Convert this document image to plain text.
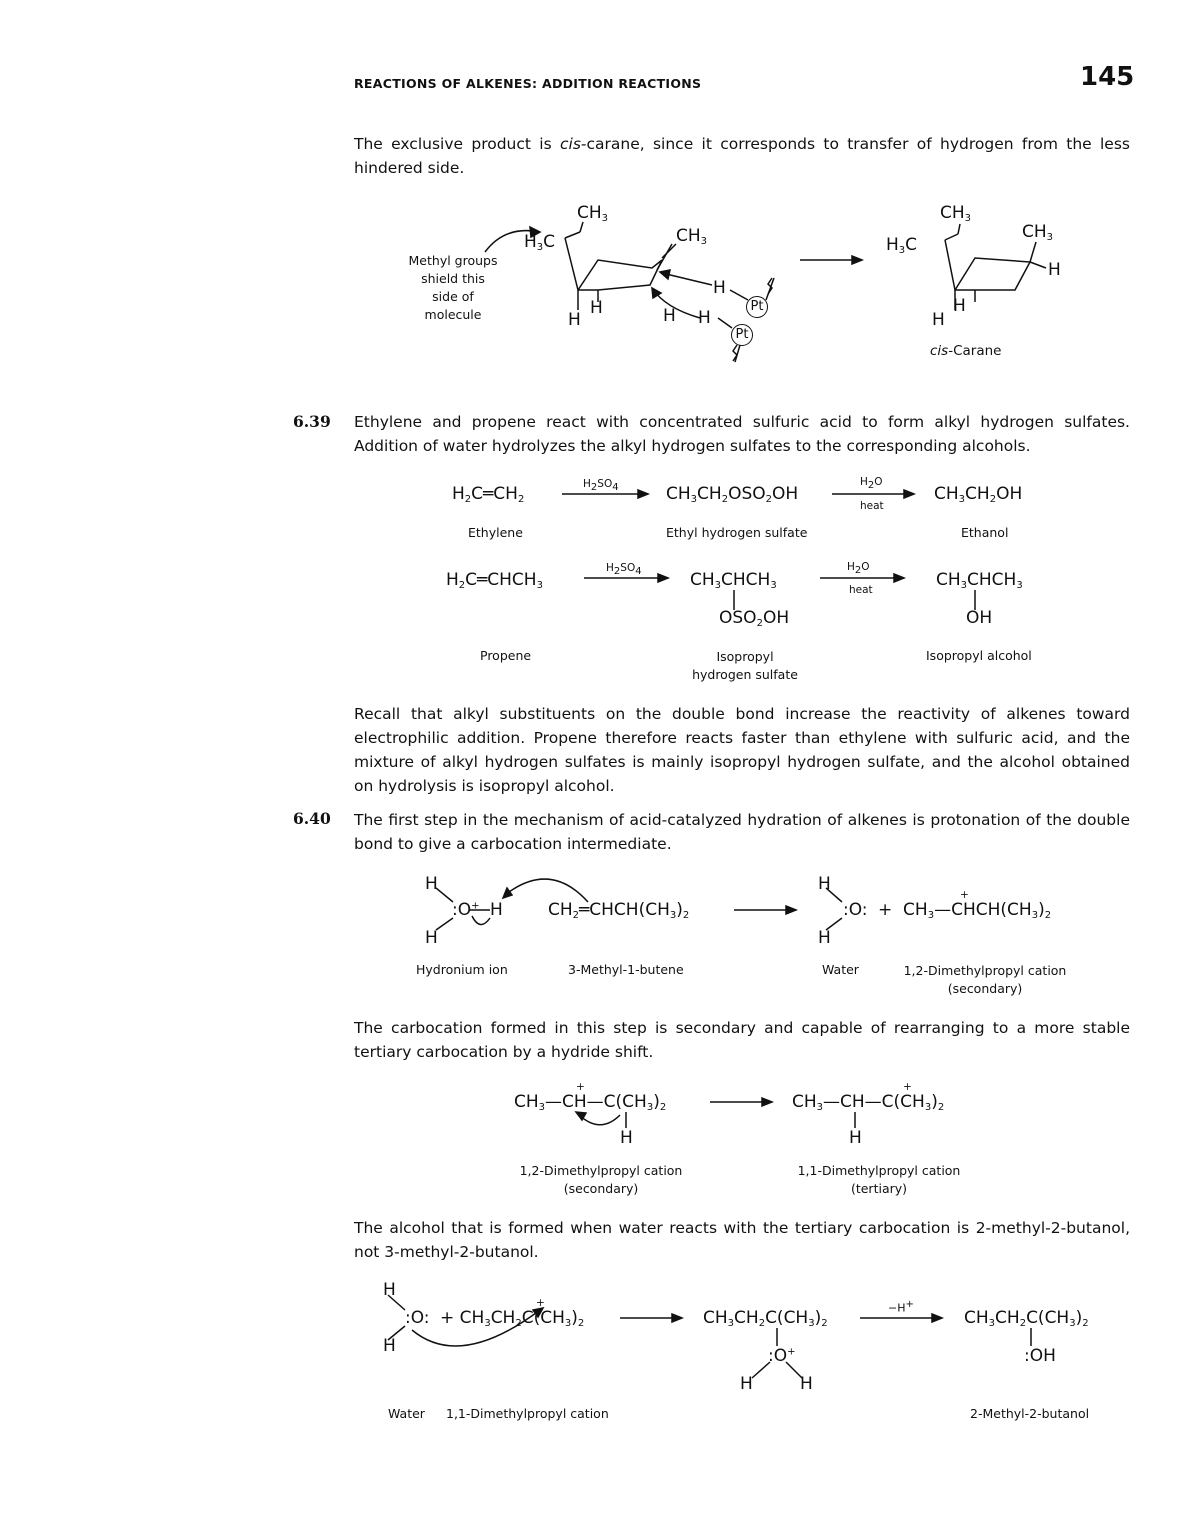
REACTIONS OF ALKENES: ADDITION REACTIONS	145
The exclusive product is cis-carane, since it corresponds to transfer of hydrogen from the less hindered side.
Methyl groups
shield this
side of
molecule
$CH_3$
$H_3C$	$CH_3$
H
H	H
H
H
Pt
Pt
$CH_3$
$H_3C$
$CH_3$
H
H
H
cis-Carane
6.39 Ethylene and propene react with concentrated sulfuric acid to form alkyl hydrogen sulfates. Addition of water hydrolyzes the alkyl hydrogen sulfates to the corresponding alcohols.
$H_2C═CH_2$
$H_2SO_4$	$CH_3CH_2OSO_2OH$
$H_2O$
heat
$CH_3CH_2OH$
Ethylene	Ethyl hydrogen sulfate	Ethanol
$H_2C═CHCH_3$
$H_2SO_4$	$CH_3CHCH_3$
$OSO_2OH$
$H_2O$
heat	$CH_3CHCH_3$
OH
Propene	Isopropyl
hydrogen sulfate
Isopropyl alcohol
Recall that alkyl substituents on the double bond increase the reactivity of alkenes toward electrophilic addition. Propene therefore reacts faster than ethylene with sulfuric acid, and the mixture of alkyl hydrogen sulfates is mainly isopropyl hydrogen sulfate, and the alcohol obtained on hydrolysis is isopropyl alcohol.
6.40 The first step in the mechanism of acid-catalyzed hydration of alkenes is protonation of the double bond to give a carbocation intermediate.
H
:O+ H
H
$CH_2═CHCH(CH_3)_2$
H
:O:
H
+  $CH_3—CHCH(CH_3)_2$
+
Hydronium ion	3-Methyl-1-butene	Water	1,2-Dimethylpropyl cation
(secondary)
The carbocation formed in this step is secondary and capable of rearranging to a more stable tertiary carbocation by a hydride shift.
$CH_3—CH—C(CH_3)_2$
+
H
$CH_3—CH—C(CH_3)_2$
+
H
1,2-Dimethylpropyl cation
(secondary)
1,1-Dimethylpropyl cation
(tertiary)
The alcohol that is formed when water reacts with the tertiary carbocation is 2-methyl-2-butanol, not 3-methyl-2-butanol.
H
:O:
H
+ $CH_3CH_2C(CH_3)_2$
+
$CH_3CH_2C(CH_3)_2$
:O+
H	H
−H+
$CH_3CH_2C(CH_3)_2$
:OH
Water 1,1-Dimethylpropyl cation	2-Methyl-2-butanol
